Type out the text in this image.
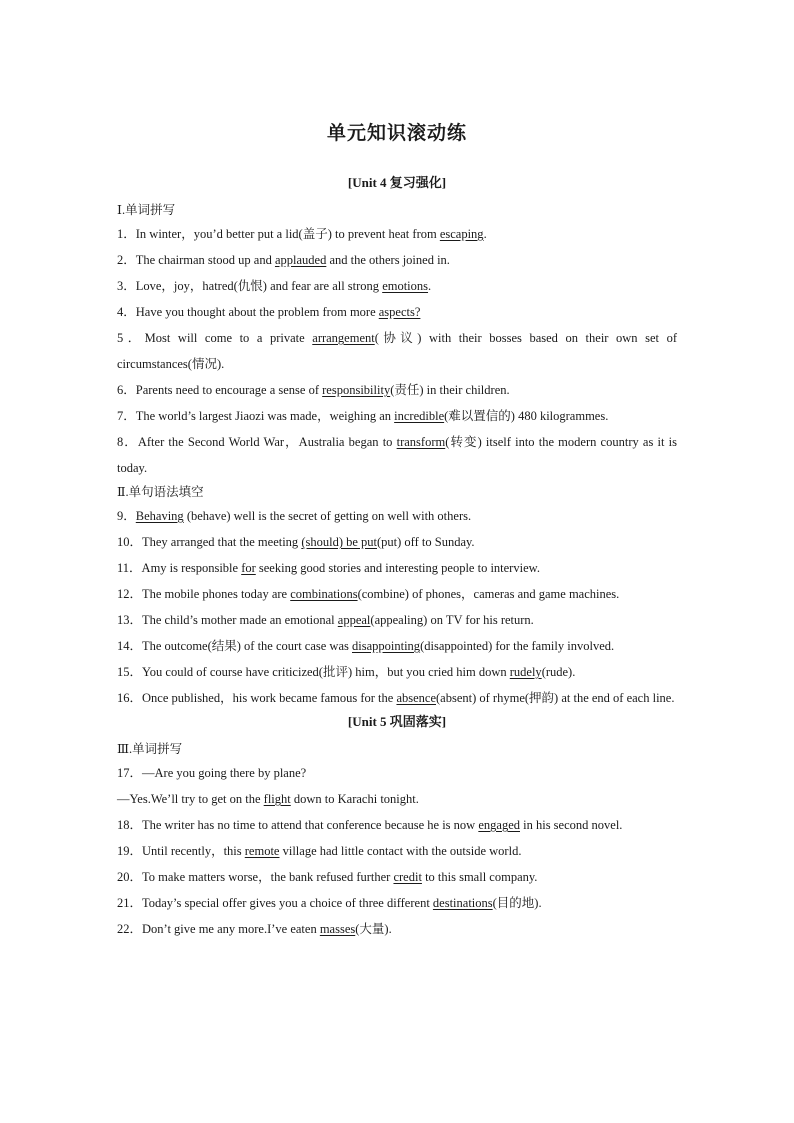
单元知识滚动练
[Unit 4 复习强化]
Ⅰ.单词拼写

1．In winter，you’d better put a lid(盖子) to prevent heat from escaping.

2．The chairman stood up and applauded and the others joined in.

3．Love，joy，hatred(仇恨) and fear are all strong emotions.

4．Have you thought about the problem from more aspects?

5．Most will come to a private arrangement(协议) with their bosses based on their own set of circumstances(情况).

6．Parents need to encourage a sense of responsibility(责任) in their children.

7．The world’s largest Jiaozi was made，weighing an incredible(难以置信的) 480 kilogrammes.

8．After the Second World War，Australia began to transform(转变) itself into the modern country as it is today.

Ⅱ.单句语法填空

9．Behaving (behave) well is the secret of getting on well with others.

10．They arranged that the meeting (should) be put(put) off to Sunday.

11．Amy is responsible for seeking good stories and interesting people to interview.

12．The mobile phones today are combinations(combine) of phones，cameras and game machines.

13．The child’s mother made an emotional appeal(appealing) on TV for his return.

14．The outcome(结果) of the court case was disappointing(disappointed) for the family involved.

15．You could of course have criticized(批评) him，but you cried him down rudely(rude).

16．Once published，his work became famous for the absence(absent) of rhyme(押韵) at the end of each line.

[Unit 5 巩固落实]
Ⅲ.单词拼写

17．—Are you going there by plane?

—Yes.We’ll try to get on the flight down to Karachi tonight.

18．The writer has no time to attend that conference because he is now engaged in his second novel.

19．Until recently，this remote village had little contact with the outside world.

20．To make matters worse，the bank refused further credit to this small company.

21．Today’s special offer gives you a choice of three different destinations(目的地).

22．Don’t give me any more.I’ve eaten masses(大量).
